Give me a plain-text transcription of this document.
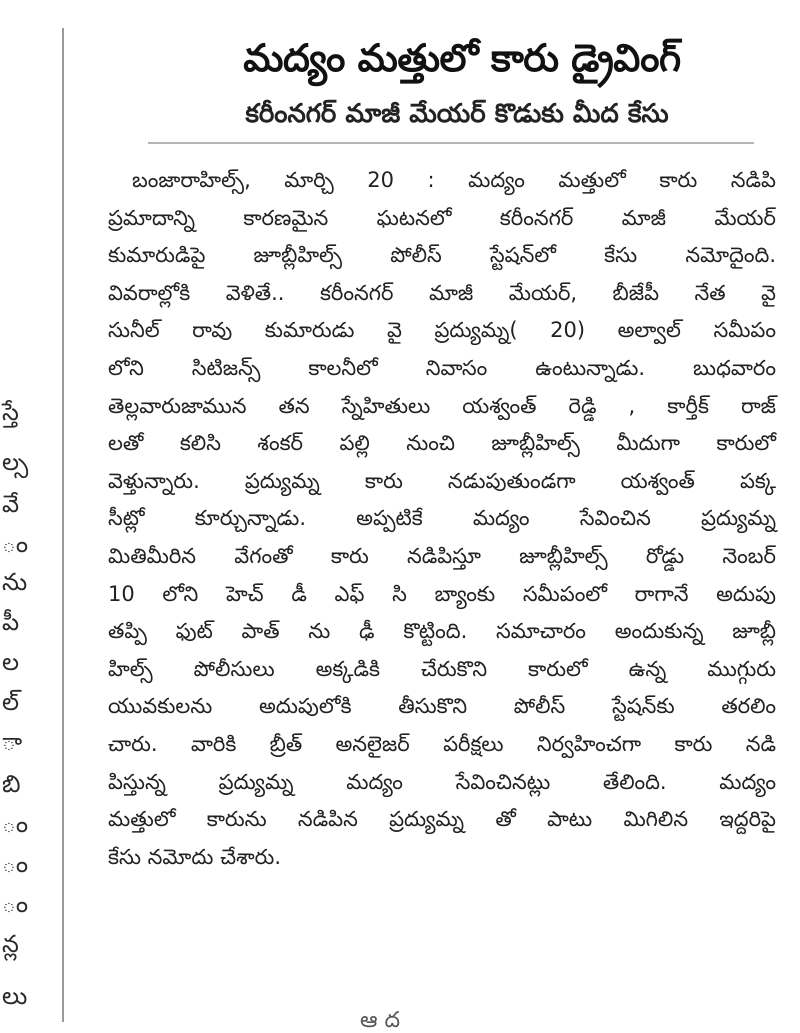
స్తే
ల్స
వే
ం
ను
పీ
ల
ల్
ా
బి
ం
ం
ం
న్ల
లు
మద్యం మత్తులో కారు డ్రైవింగ్
కరీంనగర్ మాజీ మేయర్ కొడుకు మీద కేసు
బంజారాహిల్స్, మార్చి 20 : మద్యం మత్తులో కారు నడిపి
ప్రమాదాన్ని కారణమైన ఘటనలో కరీంనగర్ మాజీ మేయర్
కుమారుడిపై జూబ్లీహిల్స్ పోలీస్ స్టేషన్‌లో కేసు నమోదైంది.
వివరాల్లోకి వెళితే.. కరీంనగర్ మాజీ మేయర్, బీజేపీ నేత వై
సునీల్ రావు కుమారుడు వై ప్రద్యుమ్న( 20) అల్వాల్ సమీపం
లోని సిటిజన్స్ కాలనీలో నివాసం ఉంటున్నాడు. బుధవారం
తెల్లవారుజామున తన స్నేహితులు యశ్వంత్ రెడ్డి , కార్తీక్ రాజ్
లతో కలిసి శంకర్ పల్లి నుంచి జూబ్లీహిల్స్ మీదుగా కారులో
వెళ్తున్నారు. ప్రద్యుమ్న కారు నడుపుతుండగా యశ్వంత్ పక్క
సీట్లో కూర్చున్నాడు. అప్పటికే మద్యం సేవించిన ప్రద్యుమ్న
మితిమీరిన వేగంతో కారు నడిపిస్తూ జూబ్లీహిల్స్ రోడ్డు నెంబర్
10 లోని హెచ్ డీ ఎఫ్ సి బ్యాంకు సమీపంలో రాగానే అదుపు
తప్పి ఫుట్ పాత్ ను ఢీ కొట్టింది. సమాచారం అందుకున్న జూబ్లీ
హిల్స్ పోలీసులు అక్కడికి చేరుకొని కారులో ఉన్న ముగ్గురు
యువకులను అదుపులోకి తీసుకొని పోలీస్ స్టేషన్‌కు తరలిం
చారు. వారికి బ్రీత్ అనలైజర్ పరీక్షలు నిర్వహించగా కారు నడి
పిస్తున్న ప్రద్యుమ్న మద్యం సేవించినట్లు తేలింది. మద్యం
మత్తులో కారును నడిపిన ప్రద్యుమ్న తో పాటు మిగిలిన ఇద్దరిపై
కేసు నమోదు చేశారు.
ఆ ద
